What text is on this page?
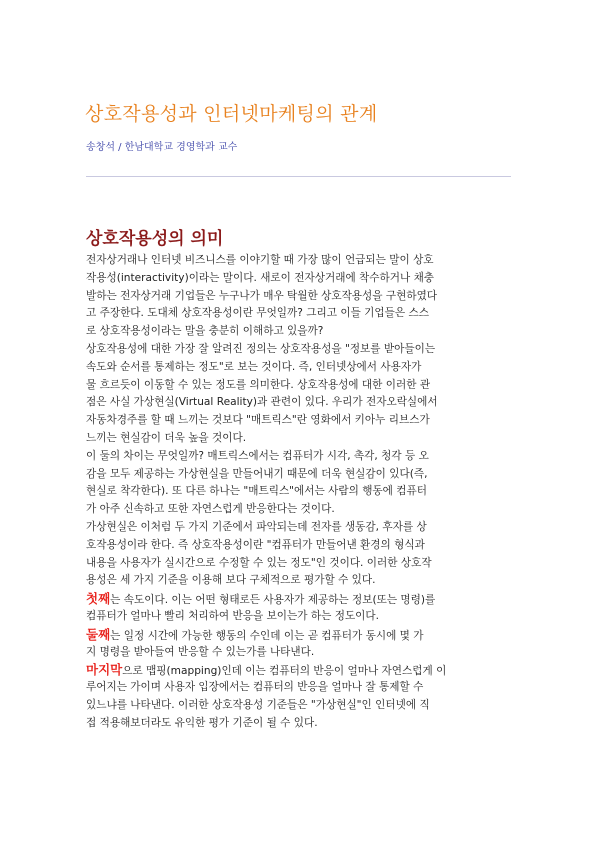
상호작용성과 인터넷마케팅의 관계
송창석 / 한남대학교 경영학과 교수
상호작용성의 의미
전자상거래나 인터넷 비즈니스를 이야기할 때 가장 많이 언급되는 말이 상호
작용성(interactivity)이라는 말이다. 새로이 전자상거래에 착수하거나 채충
발하는 전자상거래 기업들은 누구나가 매우 탁월한 상호작용성을 구현하였다
고 주장한다. 도대체 상호작용성이란 무엇일까? 그리고 이들 기업들은 스스
로 상호작용성이라는 말을 충분히 이해하고 있을까?
상호작용성에 대한 가장 잘 알려진 정의는 상호작용성을 "정보를 받아들이는
속도와 순서를 통제하는 정도"로 보는 것이다. 즉, 인터넷상에서 사용자가
물 흐르듯이 이동할 수 있는 정도를 의미한다. 상호작용성에 대한 이러한 관
점은 사실 가상현실(Virtual Reality)과 관련이 있다. 우리가 전자오락실에서
자동차경주를 할 때 느끼는 것보다 "매트릭스"란 영화에서 키아누 리브스가
느끼는 현실감이 더욱 높을 것이다.
이 둘의 차이는 무엇일까? 매트릭스에서는 컴퓨터가 시각, 촉각, 청각 등 오
감을 모두 제공하는 가상현실을 만들어내기 때문에 더욱 현실감이 있다(즉,
현실로 착각한다). 또 다른 하나는 "매트릭스"에서는 사람의 행동에 컴퓨터
가 아주 신속하고 또한 자연스럽게 반응한다는 것이다.
가상현실은 이처럼 두 가지 기준에서 파악되는데 전자를 생동감, 후자를 상
호작용성이라 한다. 즉 상호작용성이란 "컴퓨터가 만들어낸 환경의 형식과
내용을 사용자가 실시간으로 수정할 수 있는 정도"인 것이다. 이러한 상호작
용성은 세 가지 기준을 이용해 보다 구체적으로 평가할 수 있다.
첫째는 속도이다. 이는 어떤 형태로든 사용자가 제공하는 정보(또는 명령)를
컴퓨터가 얼마나 빨리 처리하여 반응을 보이는가 하는 정도이다.
둘째는 일정 시간에 가능한 행동의 수인데 이는 곧 컴퓨터가 동시에 몇 가
지 명령을 받아들여 반응할 수 있는가를 나타낸다.
마지막으로 맵핑(mapping)인데 이는 컴퓨터의 반응이 얼마나 자연스럽게 이
루어지는 가이며 사용자 입장에서는 컴퓨터의 반응을 얼마나 잘 통제할 수
있느냐를 나타낸다. 이러한 상호작용성 기준들은 "가상현실"인 인터넷에 직
접 적용해보더라도 유익한 평가 기준이 될 수 있다.
